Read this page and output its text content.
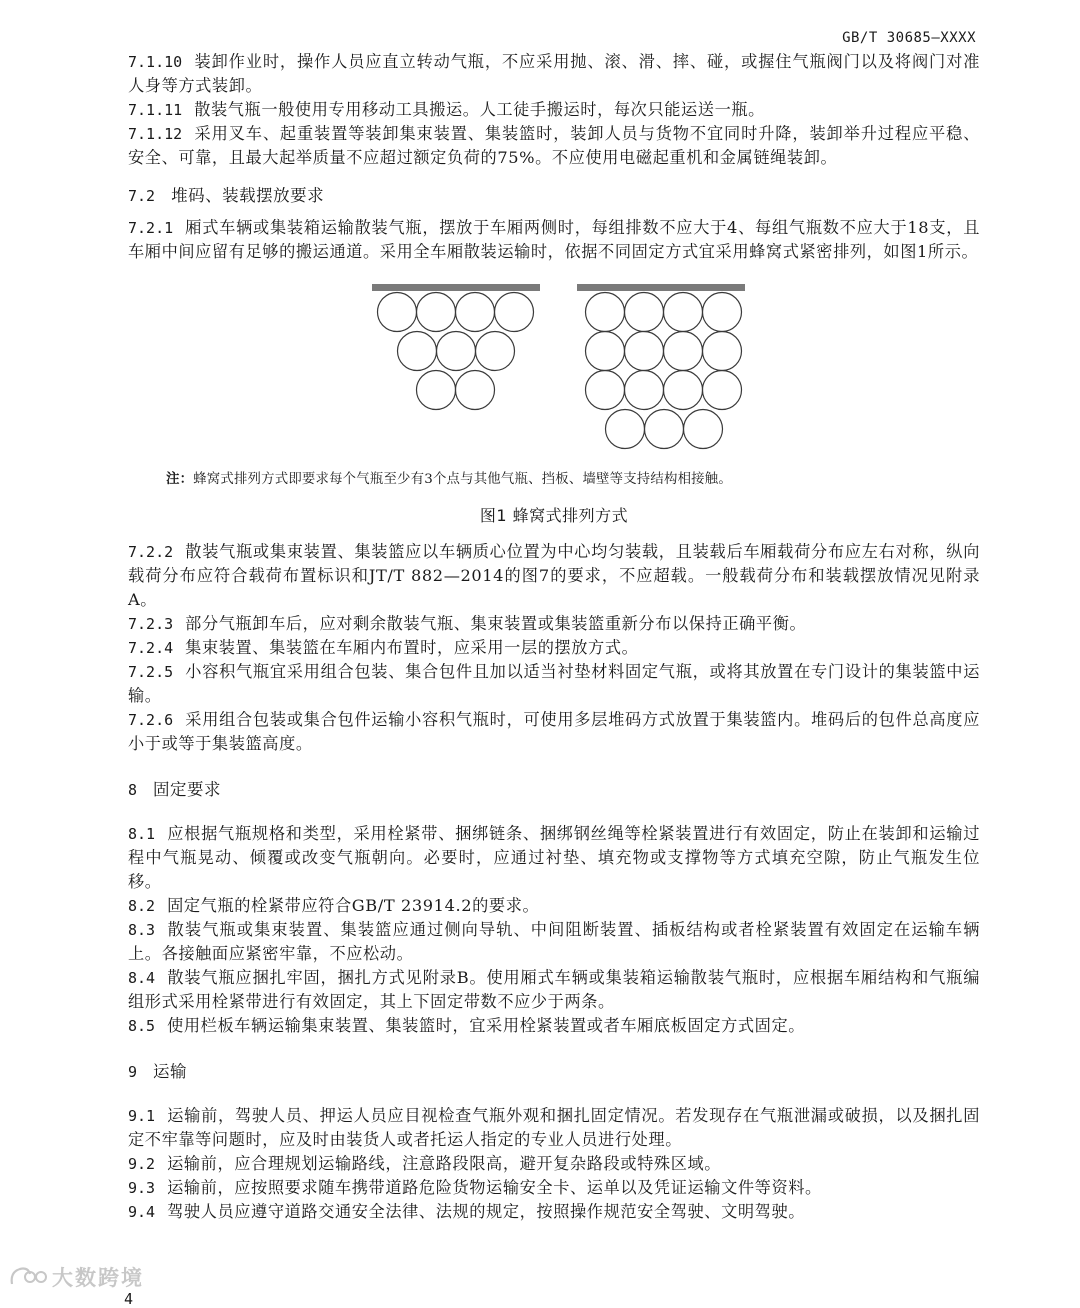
GB/T 30685—XXXX

7.1.10 装卸作业时，操作人员应直立转动气瓶，不应采用抛、滚、滑、摔、碰，或握住气瓶阀门以及将阀门对准人身等方式装卸。

7.1.11 散装气瓶一般使用专用移动工具搬运。人工徒手搬运时，每次只能运送一瓶。

7.1.12 采用叉车、起重装置等装卸集束装置、集装篮时，装卸人员与货物不宜同时升降，装卸举升过程应平稳、安全、可靠，且最大起举质量不应超过额定负荷的75%。不应使用电磁起重机和金属链绳装卸。

7.2 堆码、装载摆放要求

7.2.1 厢式车辆或集装箱运输散装气瓶，摆放于车厢两侧时，每组排数不应大于4、每组气瓶数不应大于18支，且车厢中间应留有足够的搬运通道。采用全车厢散装运输时，依据不同固定方式宜采用蜂窝式紧密排列，如图1所示。

注：蜂窝式排列方式即要求每个气瓶至少有3个点与其他气瓶、挡板、墙壁等支持结构相接触。

图1 蜂窝式排列方式

7.2.2 散装气瓶或集束装置、集装篮应以车辆质心位置为中心均匀装载，且装载后车厢载荷分布应左右对称，纵向载荷分布应符合载荷布置标识和JT/T 882—2014的图7的要求，不应超载。一般载荷分布和装载摆放情况见附录A。

7.2.3 部分气瓶卸车后，应对剩余散装气瓶、集束装置或集装篮重新分布以保持正确平衡。

7.2.4 集束装置、集装篮在车厢内布置时，应采用一层的摆放方式。

7.2.5 小容积气瓶宜采用组合包装、集合包件且加以适当衬垫材料固定气瓶，或将其放置在专门设计的集装篮中运输。

7.2.6 采用组合包装或集合包件运输小容积气瓶时，可使用多层堆码方式放置于集装篮内。堆码后的包件总高度应小于或等于集装篮高度。

8 固定要求

8.1 应根据气瓶规格和类型，采用栓紧带、捆绑链条、捆绑钢丝绳等栓紧装置进行有效固定，防止在装卸和运输过程中气瓶晃动、倾覆或改变气瓶朝向。必要时，应通过衬垫、填充物或支撑物等方式填充空隙，防止气瓶发生位移。

8.2 固定气瓶的栓紧带应符合GB/T 23914.2的要求。

8.3 散装气瓶或集束装置、集装篮应通过侧向导轨、中间阻断装置、插板结构或者栓紧装置有效固定在运输车辆上。各接触面应紧密牢靠，不应松动。

8.4 散装气瓶应捆扎牢固，捆扎方式见附录B。使用厢式车辆或集装箱运输散装气瓶时，应根据车厢结构和气瓶编组形式采用栓紧带进行有效固定，其上下固定带数不应少于两条。

8.5 使用栏板车辆运输集束装置、集装篮时，宜采用栓紧装置或者车厢底板固定方式固定。

9 运输

9.1 运输前，驾驶人员、押运人员应目视检查气瓶外观和捆扎固定情况。若发现存在气瓶泄漏或破损，以及捆扎固定不牢靠等问题时，应及时由装货人或者托运人指定的专业人员进行处理。

9.2 运输前，应合理规划运输路线，注意路段限高，避开复杂路段或特殊区域。

9.3 运输前，应按照要求随车携带道路危险货物运输安全卡、运单以及凭证运输文件等资料。

9.4 驾驶人员应遵守道路交通安全法律、法规的规定，按照操作规范安全驾驶、文明驾驶。

大数跨境
4
